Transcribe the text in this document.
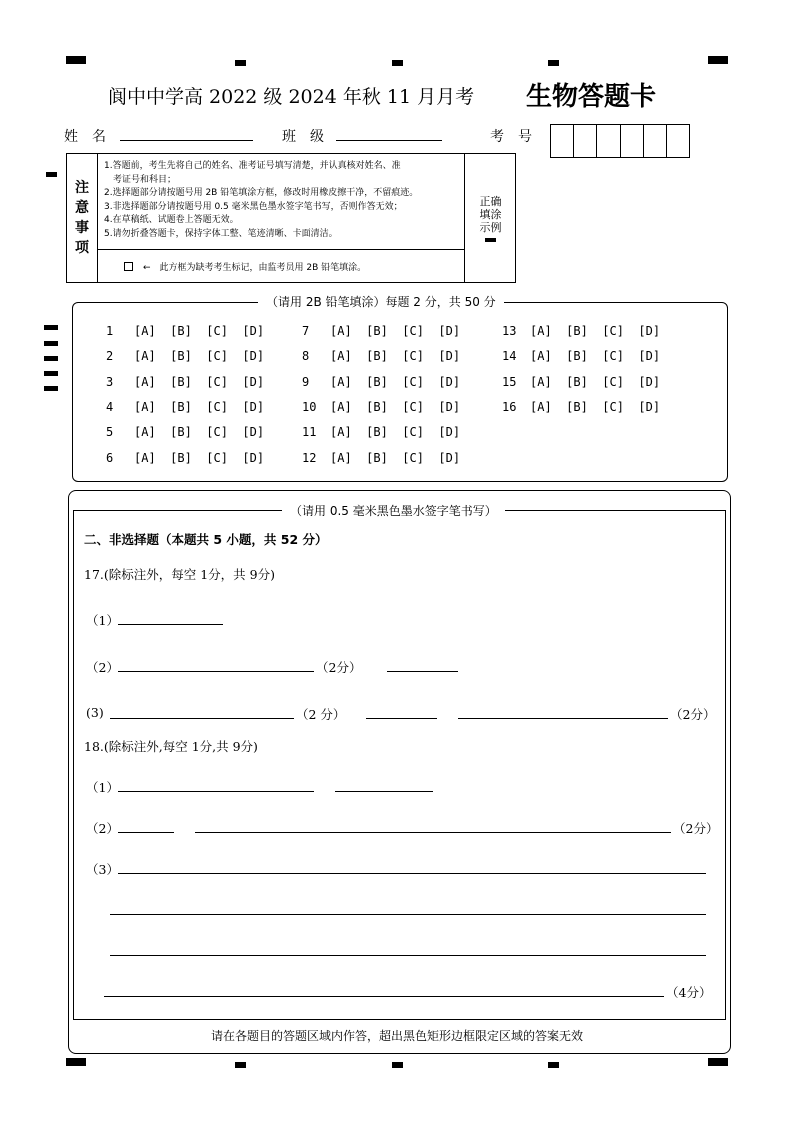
阆中中学高 2022 级 2024 年秋 11 月月考 生物答题卡
姓　名	班　级	考　号
注
意
事
项
1.答题前，考生先将自己的姓名、准考证号填写清楚，并认真核对姓名、准
　考证号和科目；
2.选择题部分请按题号用 2B 铅笔填涂方框，修改时用橡皮擦干净，不留痕迹。
3.非选择题部分请按题号用 0.5 毫米黑色墨水签字笔书写，否则作答无效；
4.在草稿纸、试题卷上答题无效。
5.请勿折叠答题卡，保持字体工整、笔迹清晰、卡面清洁。
←　此方框为缺考考生标记，由监考员用 2B 铅笔填涂。
正确
填涂
示例
（请用 2B 铅笔填涂）每题 2 分，共 50 分
1 [A]  [B]  [C]  [D]
2 [A]  [B]  [C]  [D]
3 [A]  [B]  [C]  [D]
4 [A]  [B]  [C]  [D]
5 [A]  [B]  [C]  [D]
6 [A]  [B]  [C]  [D]
7 [A]  [B]  [C]  [D]
8 [A]  [B]  [C]  [D]
9 [A]  [B]  [C]  [D]
10 [A]  [B]  [C]  [D]
11 [A]  [B]  [C]  [D]
12 [A]  [B]  [C]  [D]
13 [A]  [B]  [C]  [D]
14 [A]  [B]  [C]  [D]
15 [A]  [B]  [C]  [D]
16 [A]  [B]  [C]  [D]
（请用 0.5 毫米黑色墨水签字笔书写）
二、非选择题（本题共 5 小题，共 52 分）
17.(除标注外，每空 1分，共 9分)
（1）
（2）	（2分）
(3)	（2 分）	（2分）
18.(除标注外,每空 1分,共 9分)
（1）
（2）	（2分）
（3）
（4分）
请在各题目的答题区域内作答，超出黑色矩形边框限定区域的答案无效
